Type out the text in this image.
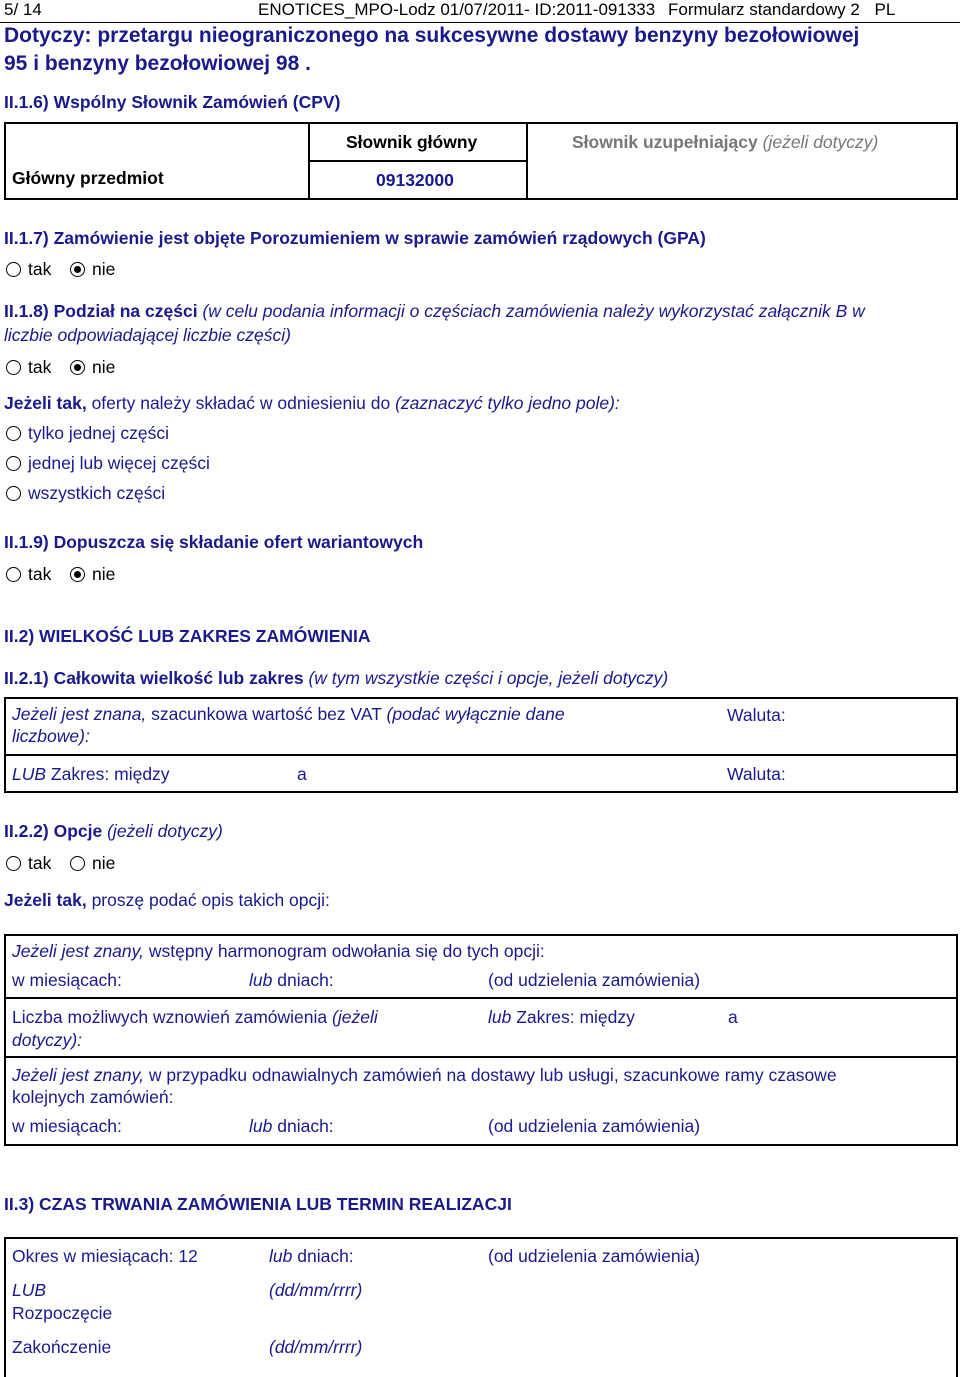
5/ 14	ENOTICES_MPO-Lodz 01/07/2011- ID:2011-091333 Formularz standardowy 2 PL
Dotyczy: przetargu nieograniczonego na sukcesywne dostawy benzyny bezołowiowej
95 i benzyny bezołowiowej 98 .
II.1.6) Wspólny Słownik Zamówień (CPV)
Słownik główny	Słownik uzupełniający (jeżeli dotyczy)
Główny przedmiot	09132000
II.1.7) Zamówienie jest objęte Porozumieniem w sprawie zamówień rządowych (GPA)
tak	nie
II.1.8) Podział na części (w celu podania informacji o częściach zamówienia należy wykorzystać załącznik B w
liczbie odpowiadającej liczbie części)
tak	nie
Jeżeli tak, oferty należy składać w odniesieniu do (zaznaczyć tylko jedno pole):
tylko jednej części
jednej lub więcej części
wszystkich części
II.1.9) Dopuszcza się składanie ofert wariantowych
tak	nie
II.2) WIELKOŚĆ LUB ZAKRES ZAMÓWIENIA
II.2.1) Całkowita wielkość lub zakres (w tym wszystkie części i opcje, jeżeli dotyczy)
Jeżeli jest znana, szacunkowa wartość bez VAT (podać wyłącznie dane
liczbowe):
Waluta:
LUB Zakres: między	a	Waluta:
II.2.2) Opcje (jeżeli dotyczy)
tak	nie
Jeżeli tak, proszę podać opis takich opcji:
Jeżeli jest znany, wstępny harmonogram odwołania się do tych opcji:
w miesiącach:	lub dniach:	(od udzielenia zamówienia)
Liczba możliwych wznowień zamówienia (jeżeli
dotyczy):
lub Zakres: między	a
Jeżeli jest znany, w przypadku odnawialnych zamówień na dostawy lub usługi, szacunkowe ramy czasowe
kolejnych zamówień:
w miesiącach:	lub dniach:	(od udzielenia zamówienia)
II.3) CZAS TRWANIA ZAMÓWIENIA LUB TERMIN REALIZACJI
Okres w miesiącach: 12	lub dniach:	(od udzielenia zamówienia)
LUB
Rozpoczęcie
(dd/mm/rrrr)
Zakończenie	(dd/mm/rrrr)
